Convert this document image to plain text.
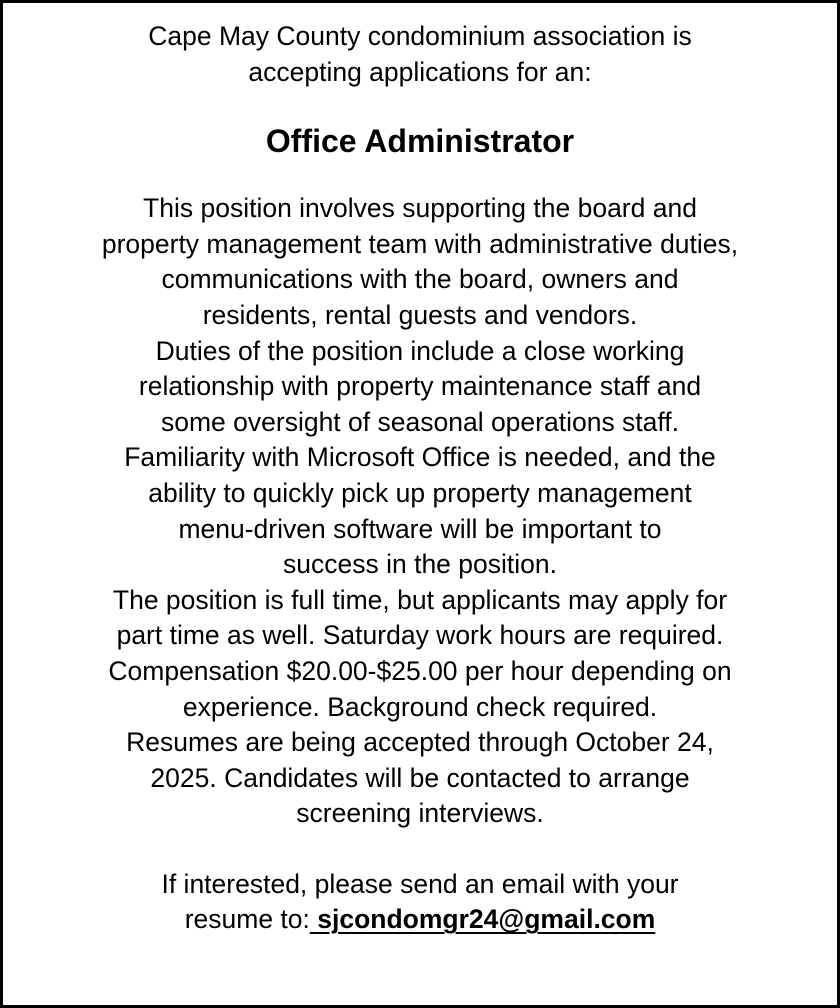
Cape May County condominium association is
accepting applications for an:
Office Administrator
This position involves supporting the board and
property management team with administrative duties,
communications with the board, owners and
residents, rental guests and vendors.
Duties of the position include a close working
relationship with property maintenance staff and
some oversight of seasonal operations staff.
Familiarity with Microsoft Office is needed, and the
ability to quickly pick up property management
menu-driven software will be important to
success in the position.
The position is full time, but applicants may apply for
part time as well. Saturday work hours are required.
Compensation $20.00-$25.00 per hour depending on
experience. Background check required.
Resumes are being accepted through October 24,
2025. Candidates will be contacted to arrange
screening interviews.
If interested, please send an email with your
resume to: sjcondomgr24@gmail.com
